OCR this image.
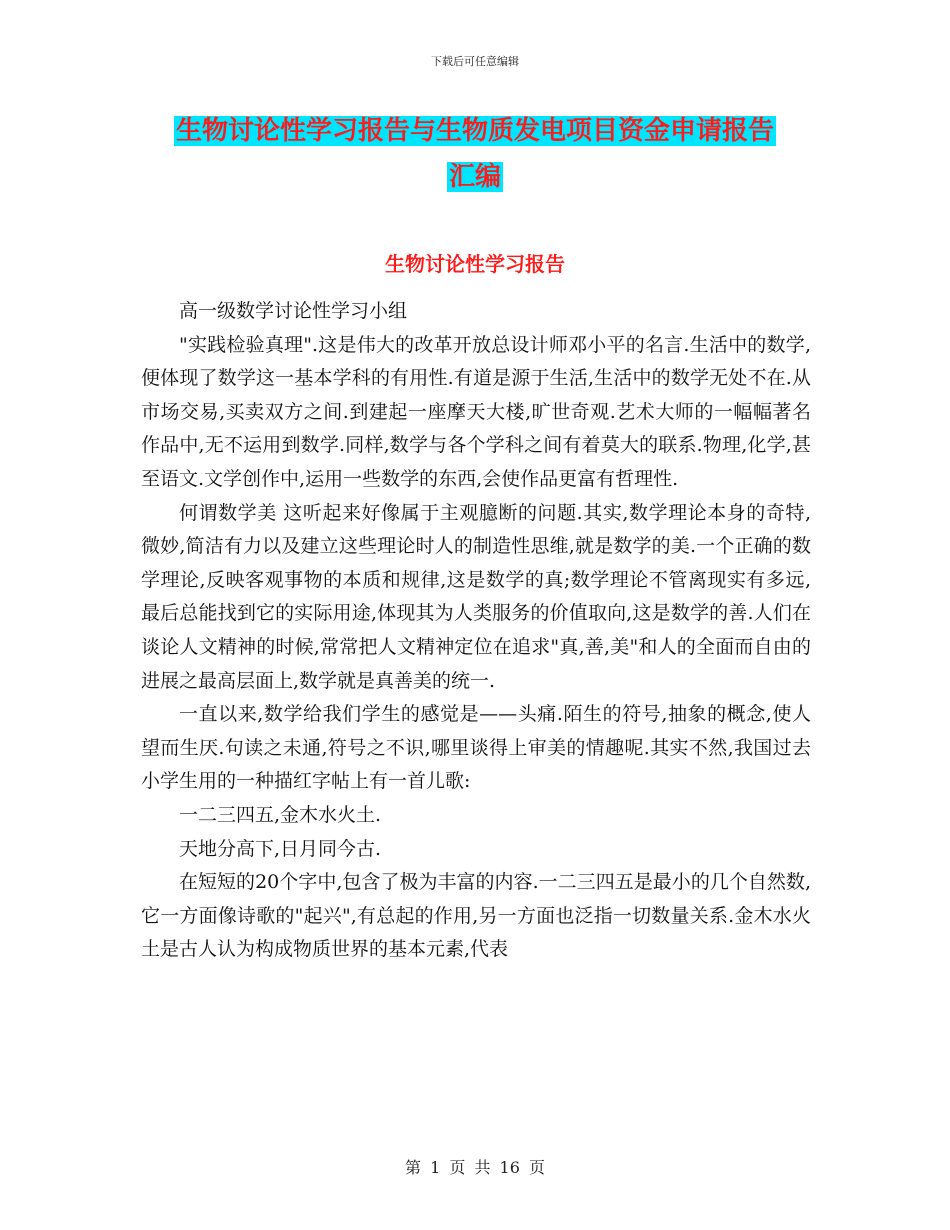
下载后可任意编辑
生物讨论性学习报告与生物质发电项目资金申请报告
汇编
生物讨论性学习报告

高一级数学讨论性学习小组

"实践检验真理".这是伟大的改革开放总设计师邓小平的名言.生活中的数学,便体现了数学这一基本学科的有用性.有道是源于生活,生活中的数学无处不在.从市场交易,买卖双方之间.到建起一座摩天大楼,旷世奇观.艺术大师的一幅幅著名作品中,无不运用到数学.同样,数学与各个学科之间有着莫大的联系.物理,化学,甚至语文.文学创作中,运用一些数学的东西,会使作品更富有哲理性.

何谓数学美 这听起来好像属于主观臆断的问题.其实,数学理论本身的奇特,微妙,简洁有力以及建立这些理论时人的制造性思维,就是数学的美.一个正确的数学理论,反映客观事物的本质和规律,这是数学的真;数学理论不管离现实有多远,最后总能找到它的实际用途,体现其为人类服务的价值取向,这是数学的善.人们在谈论人文精神的时候,常常把人文精神定位在追求"真,善,美"和人的全面而自由的进展之最高层面上,数学就是真善美的统一.

一直以来,数学给我们学生的感觉是——头痛.陌生的符号,抽象的概念,使人望而生厌.句读之未通,符号之不识,哪里谈得上审美的情趣呢.其实不然,我国过去小学生用的一种描红字帖上有一首儿歌:

一二三四五,金木水火土.

天地分高下,日月同今古.

在短短的20个字中,包含了极为丰富的内容.一二三四五是最小的几个自然数,它一方面像诗歌的"起兴",有总起的作用,另一方面也泛指一切数量关系.金木水火土是古人认为构成物质世界的基本元素,代表

第 1 页 共 16 页
